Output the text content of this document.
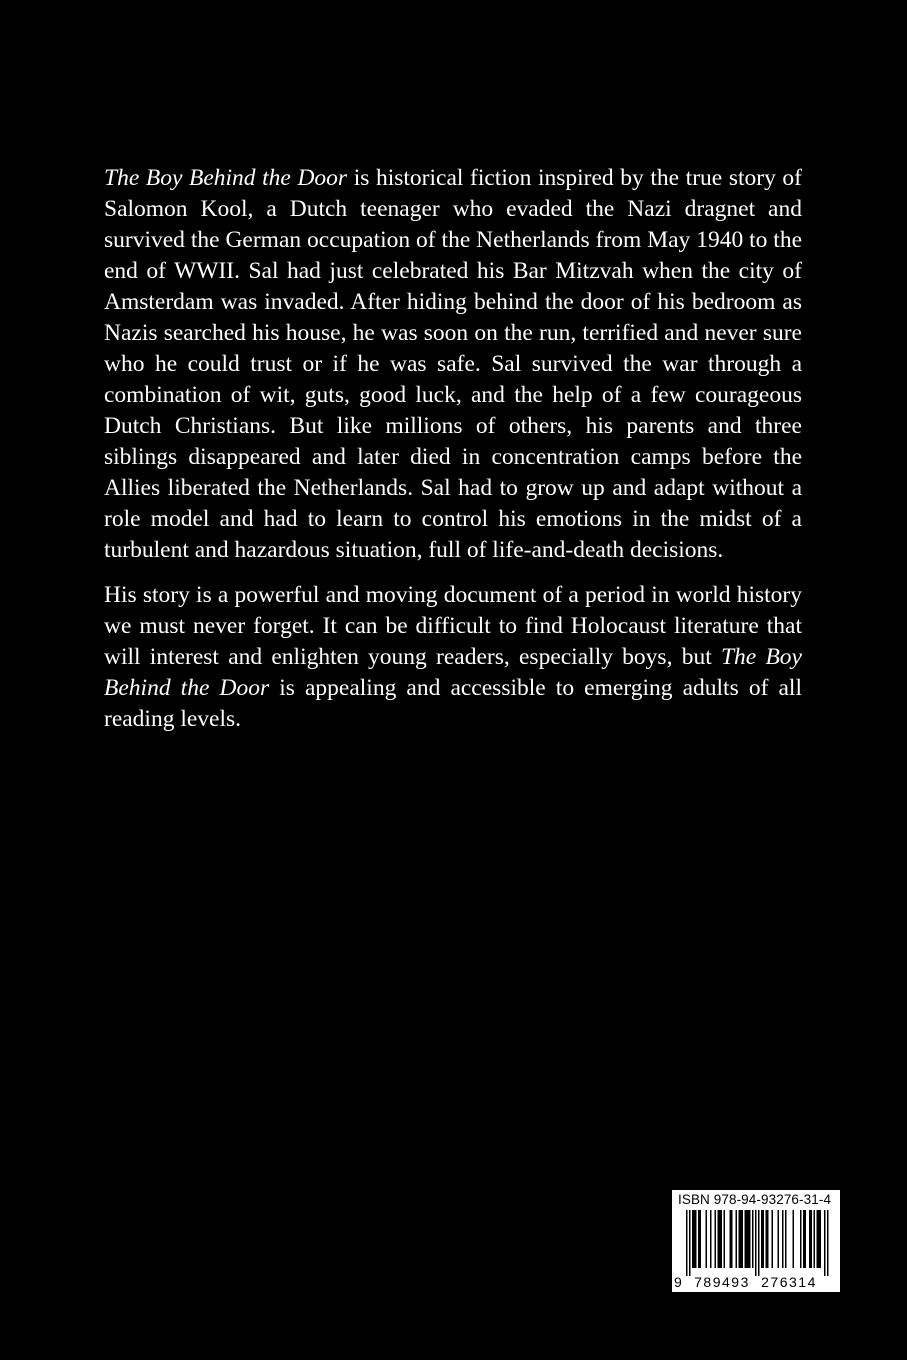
The Boy Behind the Door is historical fiction inspired by the true story of Salomon Kool, a Dutch teenager who evaded the Nazi dragnet and survived the German occupation of the Netherlands from May 1940 to the end of WWII. Sal had just celebrated his Bar Mitzvah when the city of Amsterdam was invaded. After hiding behind the door of his bedroom as Nazis searched his house, he was soon on the run, terrified and never sure who he could trust or if he was safe. Sal survived the war through a combination of wit, guts, good luck, and the help of a few courageous Dutch Christians. But like millions of others, his parents and three siblings disappeared and later died in concentration camps before the Allies liberated the Netherlands. Sal had to grow up and adapt without a role model and had to learn to control his emotions in the midst of a turbulent and hazardous situation, full of life-and-death decisions.

His story is a powerful and moving document of a period in world history we must never forget. It can be difficult to find Holocaust literature that will interest and enlighten young readers, especially boys, but The Boy Behind the Door is appealing and accessible to emerging adults of all reading levels.

ISBN 978-94-93276-31-4
9 789493 276314
